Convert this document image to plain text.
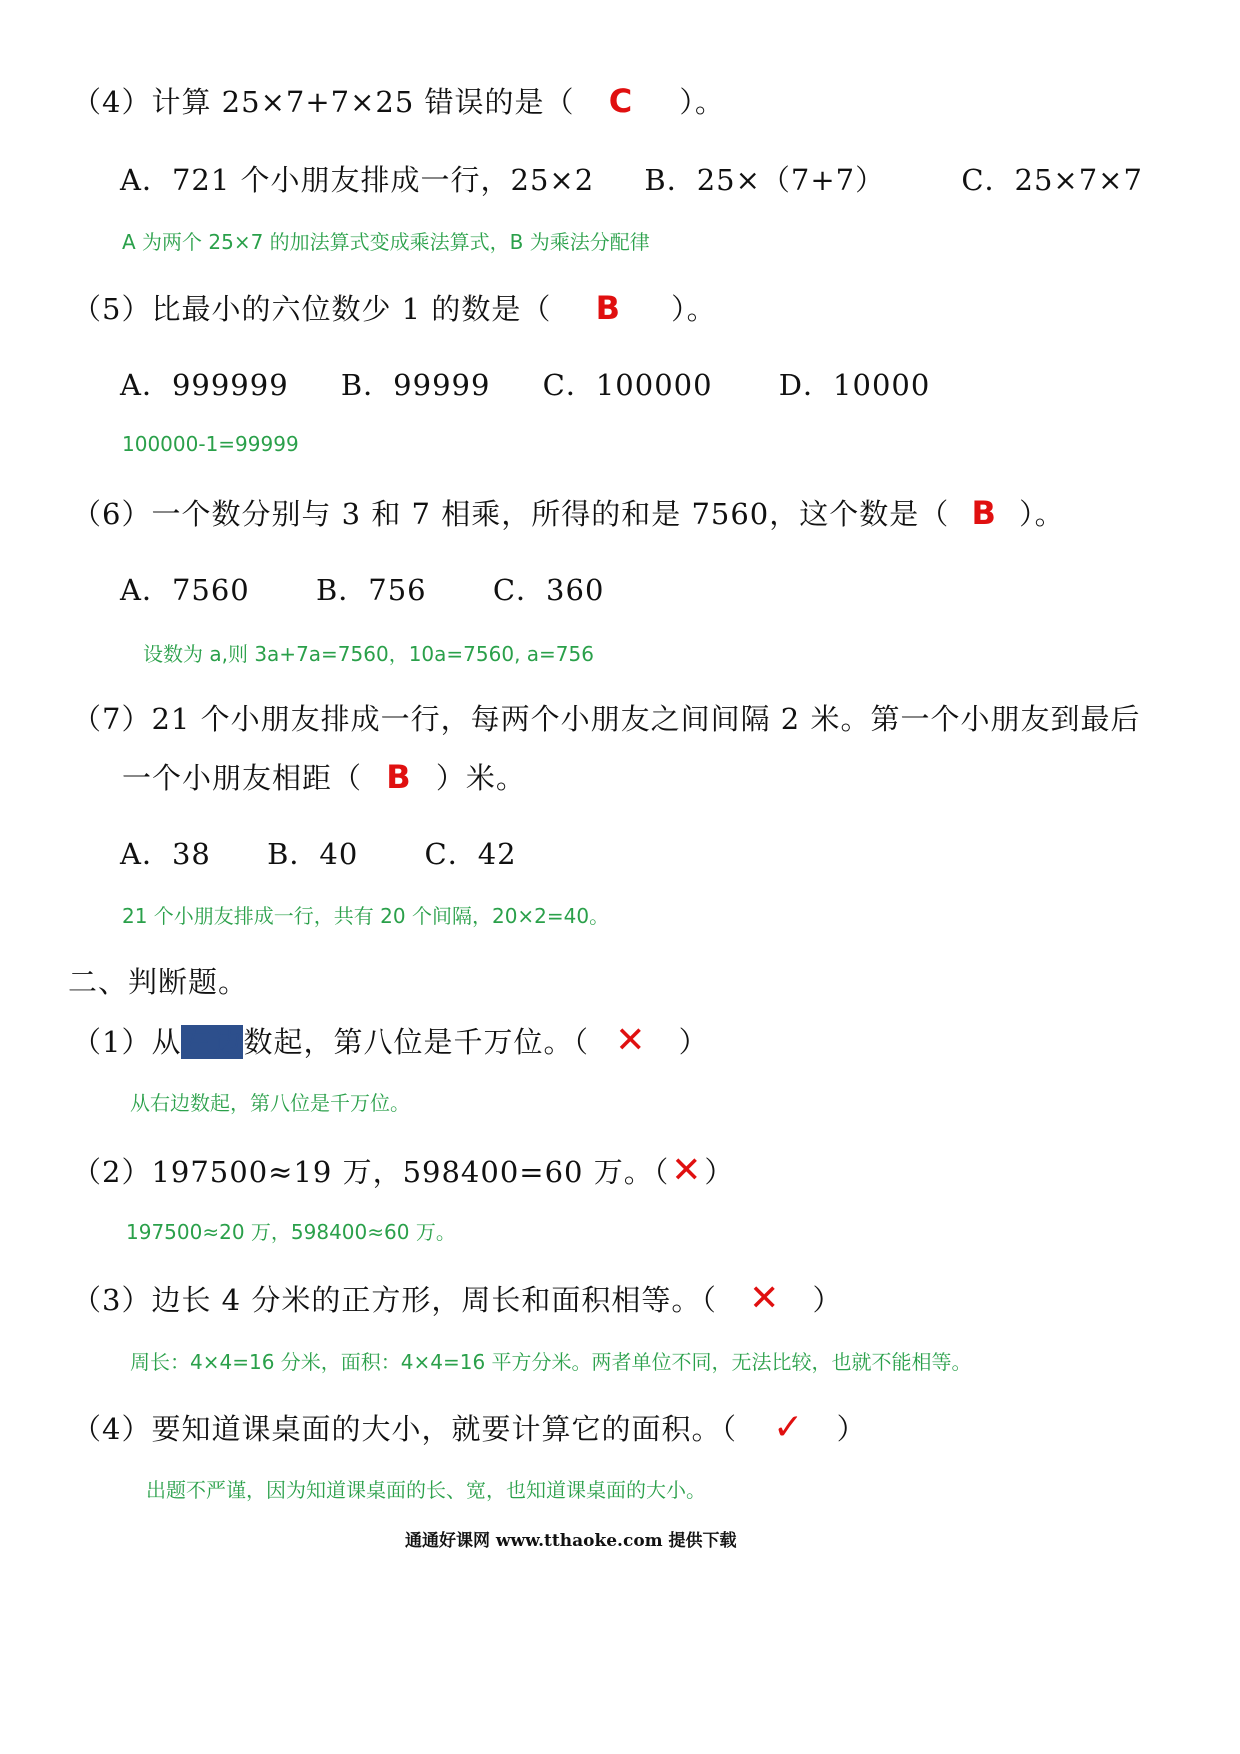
（4）计算 25×7+7×25 错误的是（ C ）。
A．721 个小朋友排成一行，25×2 B．25×（7+7）	C．25×7×7
A 为两个 25×7 的加法算式变成乘法算式，B 为乘法分配律
（5）比最小的六位数少 1 的数是（ B ）。
A．999999 B．99999 C．100000 D．10000
100000-1=99999
（6）一个数分别与 3 和 7 相乘，所得的和是 7560，这个数是（ B ）。
A．7560 B．756 C．360
设数为 a,则 3a+7a=7560，10a=7560, a=756
（7）21 个小朋友排成一行，每两个小朋友之间间隔 2 米。第一个小朋友到最后
一个小朋友相距（ B ）米。
A．38 B．40 C．42
21 个小朋友排成一行，共有 20 个间隔，20×2=40。
二、判断题。
（1）从左边数起，第八位是千万位。（ ✕ ）
从右边数起，第八位是千万位。
（2）197500≈19 万，598400=60 万。（✕）
197500≈20 万，598400≈60 万。
（3）边长 4 分米的正方形，周长和面积相等。（ ✕ ）
周长：4×4=16 分米，面积：4×4=16 平方分米。两者单位不同，无法比较，也就不能相等。
（4）要知道课桌面的大小，就要计算它的面积。（ ✓ ）
出题不严谨，因为知道课桌面的长、宽，也知道课桌面的大小。
通通好课网 www.tthaoke.com 提供下载
